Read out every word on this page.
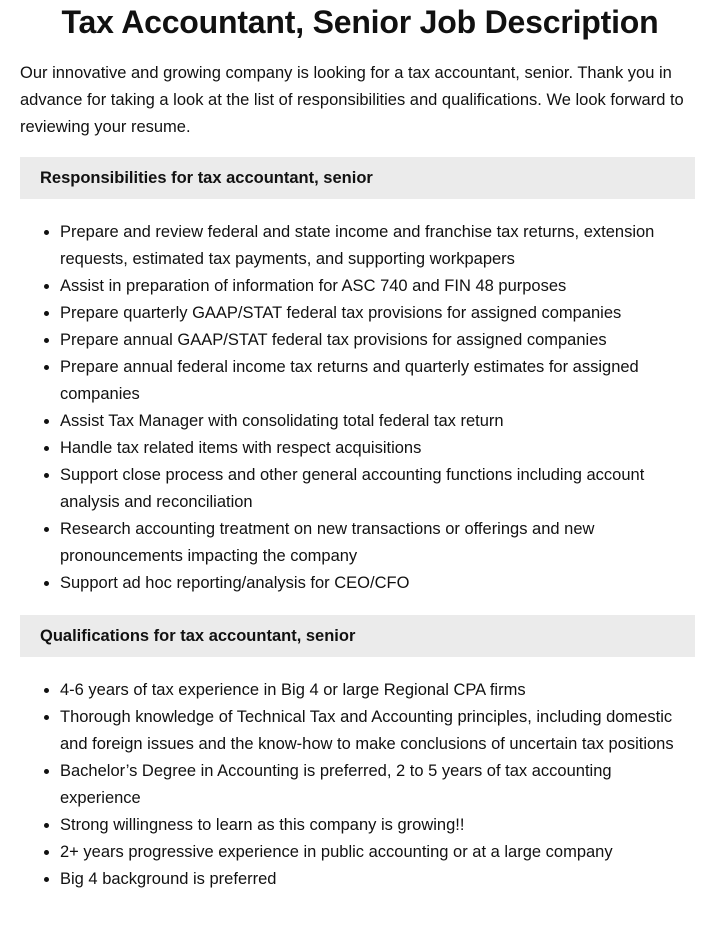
Tax Accountant, Senior Job Description

Our innovative and growing company is looking for a tax accountant, senior. Thank you in advance for taking a look at the list of responsibilities and qualifications. We look forward to reviewing your resume.

Responsibilities for tax accountant, senior
• Prepare and review federal and state income and franchise tax returns, extension requests, estimated tax payments, and supporting workpapers
• Assist in preparation of information for ASC 740 and FIN 48 purposes
• Prepare quarterly GAAP/STAT federal tax provisions for assigned companies
• Prepare annual GAAP/STAT federal tax provisions for assigned companies
• Prepare annual federal income tax returns and quarterly estimates for assigned companies
• Assist Tax Manager with consolidating total federal tax return
• Handle tax related items with respect acquisitions
• Support close process and other general accounting functions including account analysis and reconciliation
• Research accounting treatment on new transactions or offerings and new pronouncements impacting the company
• Support ad hoc reporting/analysis for CEO/CFO
Qualifications for tax accountant, senior
• 4-6 years of tax experience in Big 4 or large Regional CPA firms
• Thorough knowledge of Technical Tax and Accounting principles, including domestic and foreign issues and the know-how to make conclusions of uncertain tax positions
• Bachelor’s Degree in Accounting is preferred, 2 to 5 years of tax accounting experience
• Strong willingness to learn as this company is growing!!
• 2+ years progressive experience in public accounting or at a large company
• Big 4 background is preferred
